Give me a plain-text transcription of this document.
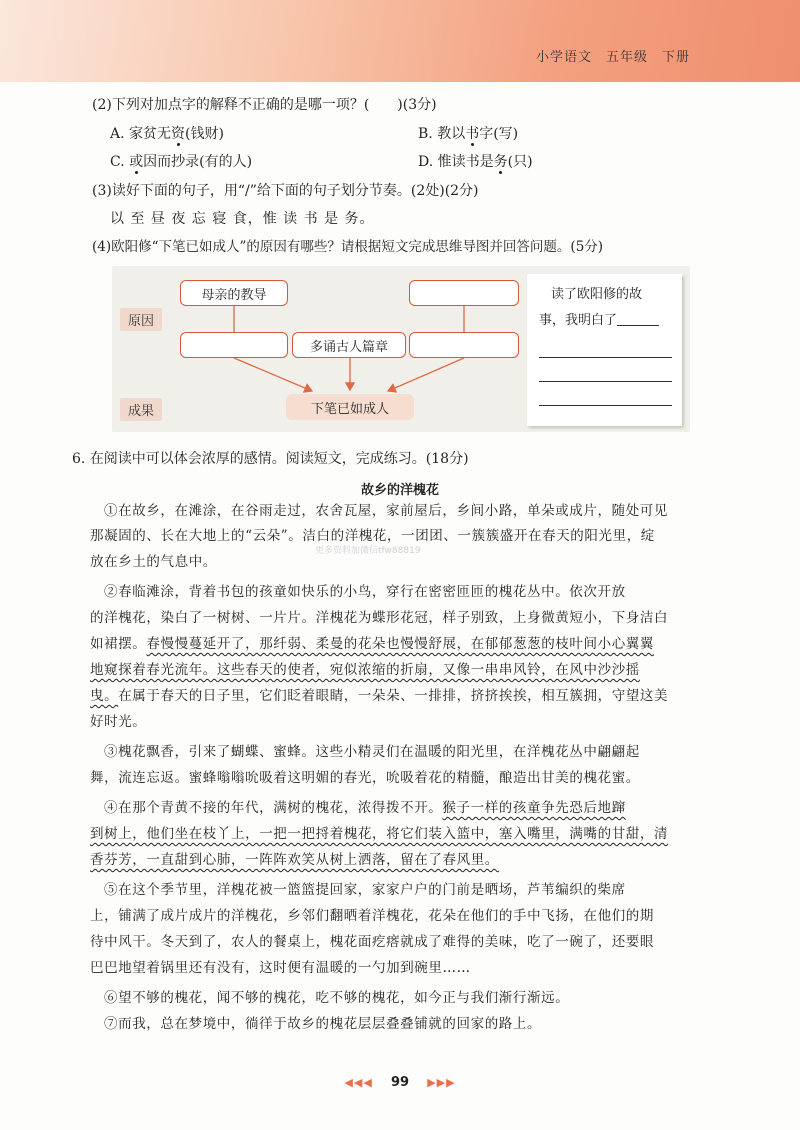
小学语文 五年级 下册
(2)下列对加点字的解释不正确的是哪一项？(　　)(3分)
A. 家贫无资(钱财)	B. 教以书字(写)
C. 或因而抄录(有的人)	D. 惟读书是务(只)
(3)读好下面的句子，用“/”给下面的句子划分节奏。(2处)(2分)
以 至 昼 夜 忘 寝 食，惟 读 书 是 务。
(4)欧阳修“下笔已如成人”的原因有哪些？请根据短文完成思维导图并回答问题。(5分)
原因
成果
母亲的教导
多诵古人篇章
下笔已如成人
读了欧阳修的故
事，我明白了
6. 在阅读中可以体会浓厚的感情。阅读短文，完成练习。(18分)
故乡的洋槐花
更多资料加微信tfw88819
①在故乡，在滩涂，在谷雨走过，农舍瓦屋，家前屋后，乡间小路，单朵或成片，随处可见
那凝固的、长在大地上的“云朵”。洁白的洋槐花，一团团、一簇簇盛开在春天的阳光里，绽
放在乡土的气息中。
②春临滩涂，背着书包的孩童如快乐的小鸟，穿行在密密匝匝的槐花丛中。依次开放
的洋槐花，染白了一树树、一片片。洋槐花为蝶形花冠，样子别致，上身微黄短小，下身洁白
如裙摆。春慢慢蔓延开了，那纤弱、柔曼的花朵也慢慢舒展，在郁郁葱葱的枝叶间小心翼翼
地窥探着春光流年。这些春天的使者，宛似浓缩的折扇，又像一串串风铃，在风中沙沙摇
曳。在属于春天的日子里，它们眨着眼睛，一朵朵、一排排，挤挤挨挨，相互簇拥，守望这美
好时光。
③槐花飘香，引来了蝴蝶、蜜蜂。这些小精灵们在温暖的阳光里，在洋槐花丛中翩翩起
舞，流连忘返。蜜蜂嗡嗡吮吸着这明媚的春光，吮吸着花的精髓，酿造出甘美的槐花蜜。
④在那个青黄不接的年代，满树的槐花，浓得拨不开。猴子一样的孩童争先恐后地蹿
到树上，他们坐在枝丫上，一把一把捋着槐花，将它们装入篮中，塞入嘴里，满嘴的甘甜，清
香芬芳，一直甜到心肺，一阵阵欢笑从树上洒落，留在了春风里。
⑤在这个季节里，洋槐花被一篮篮提回家，家家户户的门前是晒场，芦苇编织的柴席
上，铺满了成片成片的洋槐花，乡邻们翻晒着洋槐花，花朵在他们的手中飞扬，在他们的期
待中风干。冬天到了，农人的餐桌上，槐花面疙瘩就成了难得的美味，吃了一碗了，还要眼
巴巴地望着锅里还有没有，这时便有温暖的一勺加到碗里……
⑥望不够的槐花，闻不够的槐花，吃不够的槐花，如今正与我们渐行渐远。
⑦而我，总在梦境中，徜徉于故乡的槐花层层叠叠铺就的回家的路上。
◀◀◀ 99 ▶▶▶
